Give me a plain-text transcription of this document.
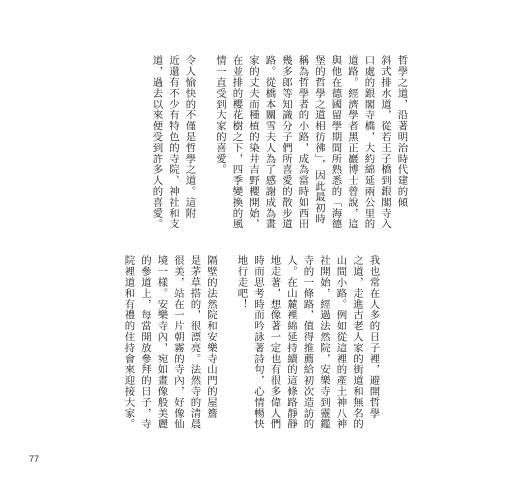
哲學之道，沿著明治時代建的傾
斜式排水道，從若王子橋到銀閣寺入
口處的銀閣寺橋，大約綿延兩公里的
道路。經濟學者黑正巖博士曾說，這
與他在德國留學期間所熟悉的「海德
堡的哲學之道相彷彿」，因此最初時
稱為哲學者的小路，成為當時如西田
幾多郎等知識分子們所喜愛的散步道
路。從橋本關雪夫人為了感謝成為畫
家的丈夫而種植的染井吉野櫻開始，
在並排的櫻花樹之下，四季變換的風
情一直受到大家的喜愛。
令人愉快的不僅是哲學之道。這附
近還有不少有特色的寺院、神社和支
道，過去以來便受到許多人的喜愛。
我也常在人多的日子裡，避開哲學
之道，走進古老人家的街道和無名的
山間小路。例如從這裡的產土神八神
社開始，經過法然院，安樂寺到靈鑑
寺的一條路，值得推薦給初次造訪的
人。在山麓裡綿延持續的這條路靜靜
地走著，想像著一定也有很多偉人們
時而思考時而吟詠著詩句，心情暢快
地行走吧！
隔壁的法然院和安樂寺山門的屋簷
是茅草搭的，很漂亮。法然寺的清晨
很美，站在一片朝霧的寺內，好像仙
境一樣。安樂寺內，宛如畫像般美麗
的參道上，每當開放參拜的日子，寺
院裡道和有禮的住持會來迎接大家。
77
